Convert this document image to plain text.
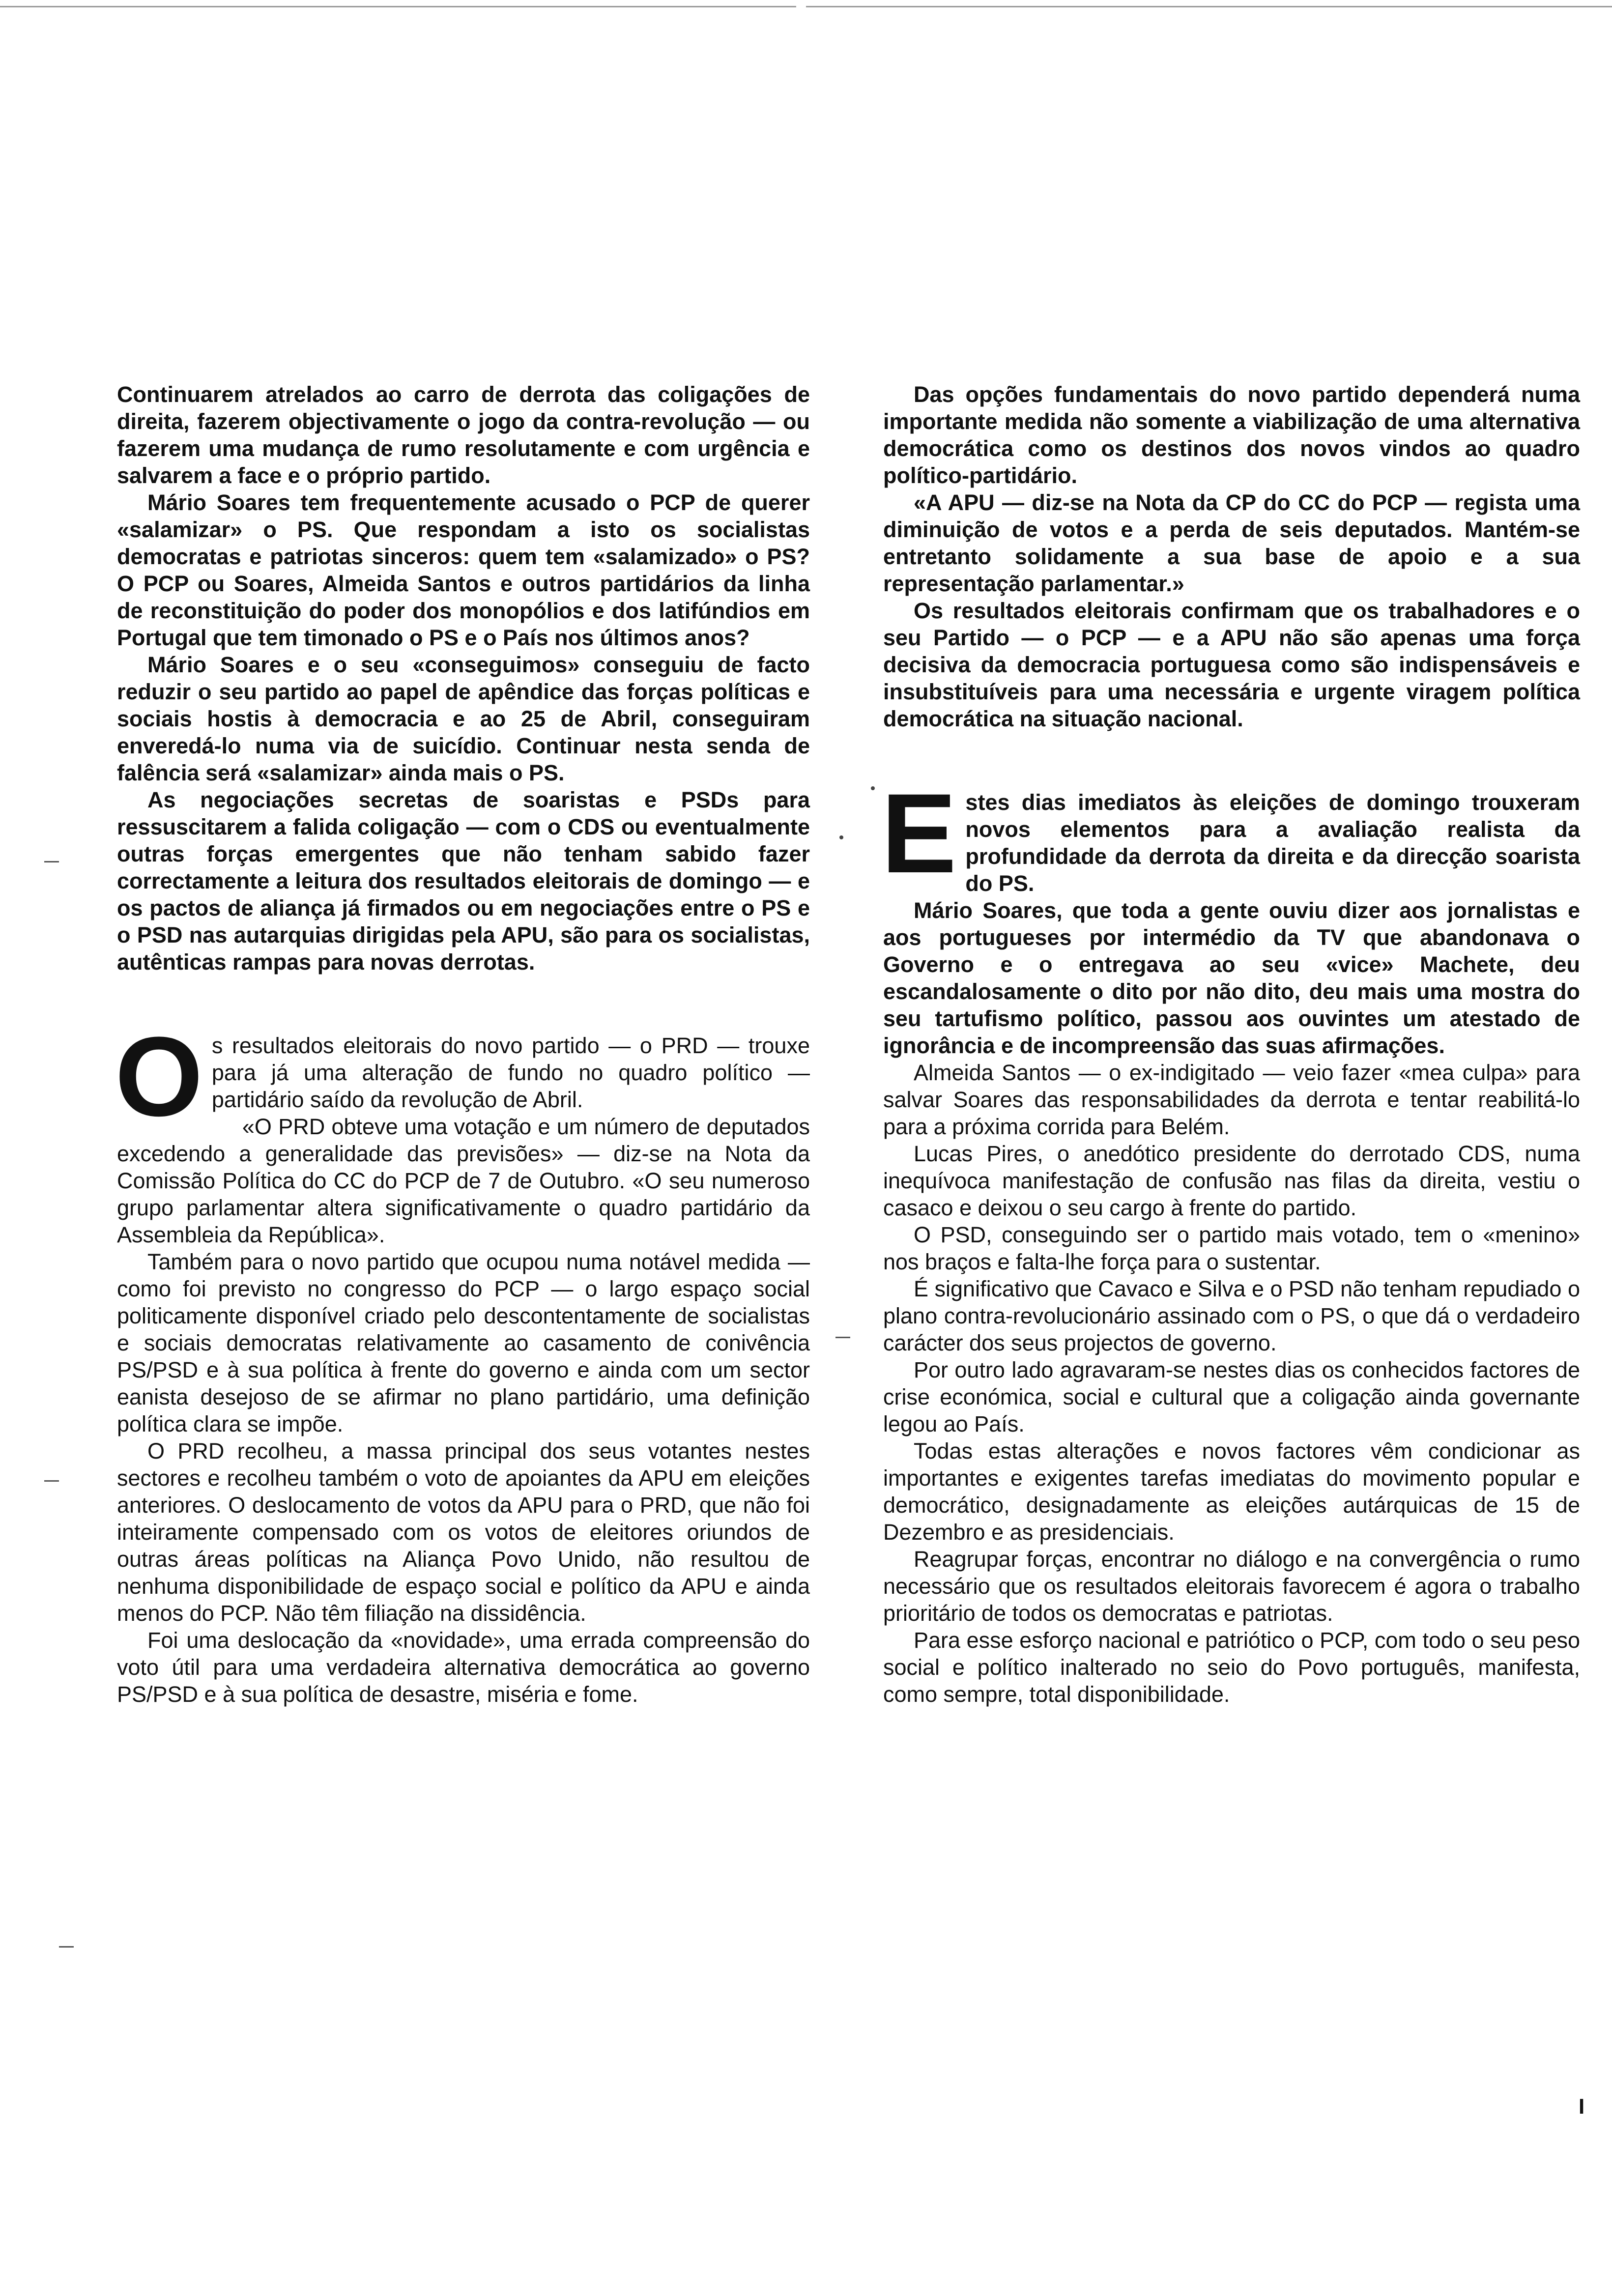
Continuarem atrelados ao carro de derrota das coligações de direita, fazerem objectivamente o jogo da contra-revolução — ou fazerem uma mudança de rumo resolutamente e com urgência e salvarem a face e o próprio partido.

Mário Soares tem frequentemente acusado o PCP de querer «salamizar» o PS. Que respondam a isto os socialistas democratas e patriotas sinceros: quem tem «salamizado» o PS? O PCP ou Soares, Almeida Santos e outros partidários da linha de reconstituição do poder dos monopólios e dos latifúndios em Portugal que tem timonado o PS e o País nos últimos anos?

Mário Soares e o seu «conseguimos» conseguiu de facto reduzir o seu partido ao papel de apêndice das forças políticas e sociais hostis à democracia e ao 25 de Abril, conseguiram enveredá-lo numa via de suicídio. Continuar nesta senda de falência será «salamizar» ainda mais o PS.

As negociações secretas de soaristas e PSDs para ressuscitarem a falida coligação — com o CDS ou eventualmente outras forças emergentes que não tenham sabido fazer correctamente a leitura dos resultados eleitorais de domingo — e os pactos de aliança já firmados ou em negociações entre o PS e o PSD nas autarquias dirigidas pela APU, são para os socialistas, autênticas rampas para novas derrotas.

Os resultados eleitorais do novo partido — o PRD — trouxe para já uma alteração de fundo no quadro político — partidário saído da revolução de Abril.

«O PRD obteve uma votação e um número de deputados excedendo a generalidade das previsões» — diz-se na Nota da Comissão Política do CC do PCP de 7 de Outubro. «O seu numeroso grupo parlamentar altera significativamente o quadro partidário da Assembleia da República».

Também para o novo partido que ocupou numa notável medida — como foi previsto no congresso do PCP — o largo espaço social politicamente disponível criado pelo descontentamente de socialistas e sociais democratas relativamente ao casamento de conivência PS/PSD e à sua política à frente do governo e ainda com um sector eanista desejoso de se afirmar no plano partidário, uma definição política clara se impõe.

O PRD recolheu, a massa principal dos seus votantes nestes sectores e recolheu também o voto de apoiantes da APU em eleições anteriores. O deslocamento de votos da APU para o PRD, que não foi inteiramente compensado com os votos de eleitores oriundos de outras áreas políticas na Aliança Povo Unido, não resultou de nenhuma disponibilidade de espaço social e político da APU e ainda menos do PCP. Não têm filiação na dissidência.

Foi uma deslocação da «novidade», uma errada compreensão do voto útil para uma verdadeira alternativa democrática ao governo PS/PSD e à sua política de desastre, miséria e fome.

Das opções fundamentais do novo partido dependerá numa importante medida não somente a viabilização de uma alternativa democrática como os destinos dos novos vindos ao quadro político-partidário.

«A APU — diz-se na Nota da CP do CC do PCP — regista uma diminuição de votos e a perda de seis deputados. Mantém-se entretanto solidamente a sua base de apoio e a sua representação parlamentar.»

Os resultados eleitorais confirmam que os trabalhadores e o seu Partido — o PCP — e a APU não são apenas uma força decisiva da democracia portuguesa como são indispensáveis e insubstituíveis para uma necessária e urgente viragem política democrática na situação nacional.

Estes dias imediatos às eleições de domingo trouxeram novos elementos para a avaliação realista da profundidade da derrota da direita e da direcção soarista do PS.

Mário Soares, que toda a gente ouviu dizer aos jornalistas e aos portugueses por intermédio da TV que abandonava o Governo e o entregava ao seu «vice» Machete, deu escandalosamente o dito por não dito, deu mais uma mostra do seu tartufismo político, passou aos ouvintes um atestado de ignorância e de incompreensão das suas afirmações.

Almeida Santos — o ex-indigitado — veio fazer «mea culpa» para salvar Soares das responsabilidades da derrota e tentar reabilitá-lo para a próxima corrida para Belém.

Lucas Pires, o anedótico presidente do derrotado CDS, numa inequívoca manifestação de confusão nas filas da direita, vestiu o casaco e deixou o seu cargo à frente do partido.

O PSD, conseguindo ser o partido mais votado, tem o «menino» nos braços e falta-lhe força para o sustentar.

É significativo que Cavaco e Silva e o PSD não tenham repudiado o plano contra-revolucionário assinado com o PS, o que dá o verdadeiro carácter dos seus projectos de governo.

Por outro lado agravaram-se nestes dias os conhecidos factores de crise económica, social e cultural que a coligação ainda governante legou ao País.

Todas estas alterações e novos factores vêm condicionar as importantes e exigentes tarefas imediatas do movimento popular e democrático, designadamente as eleições autárquicas de 15 de Dezembro e as presidenciais.

Reagrupar forças, encontrar no diálogo e na convergência o rumo necessário que os resultados eleitorais favorecem é agora o trabalho prioritário de todos os democratas e patriotas.

Para esse esforço nacional e patriótico o PCP, com todo o seu peso social e político inalterado no seio do Povo português, manifesta, como sempre, total disponibilidade.

I
